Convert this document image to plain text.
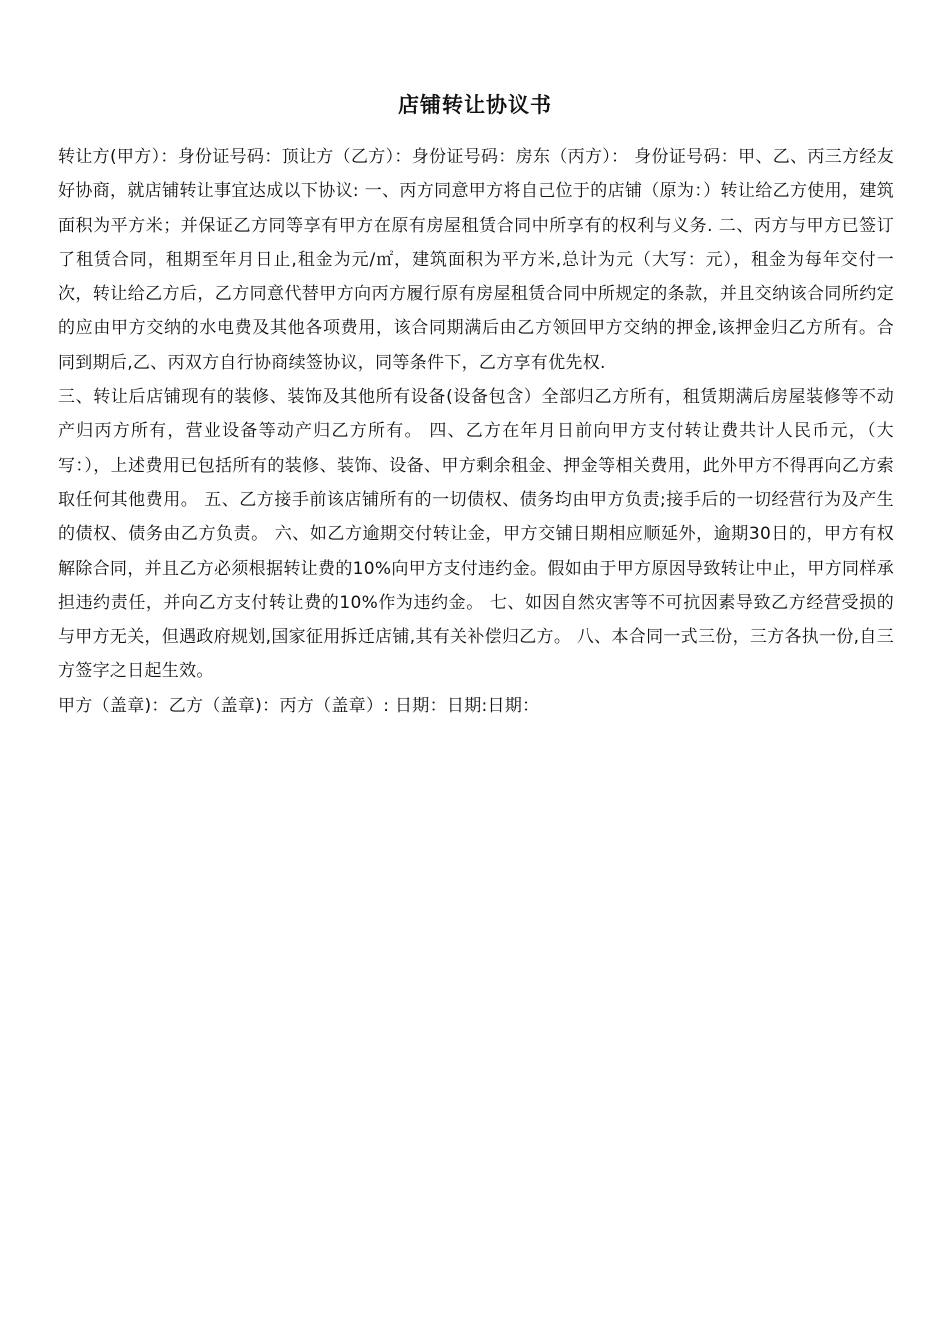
店铺转让协议书

转让方(甲方）：身份证号码：顶让方（乙方）：身份证号码：房东（丙方）： 身份证号码：甲、乙、丙三方经友好协商，就店铺转让事宜达成以下协议: 一、丙方同意甲方将自己位于的店铺（原为：）转让给乙方使用，建筑面积为平方米；并保证乙方同等享有甲方在原有房屋租赁合同中所享有的权利与义务. 二、丙方与甲方已签订了租赁合同，租期至年月日止,租金为元/㎡，建筑面积为平方米,总计为元（大写：元），租金为每年交付一次，转让给乙方后，乙方同意代替甲方向丙方履行原有房屋租赁合同中所规定的条款，并且交纳该合同所约定的应由甲方交纳的水电费及其他各项费用，该合同期满后由乙方领回甲方交纳的押金,该押金归乙方所有。合同到期后,乙、丙双方自行协商续签协议，同等条件下，乙方享有优先权.

三、转让后店铺现有的装修、装饰及其他所有设备(设备包含）全部归乙方所有，租赁期满后房屋装修等不动产归丙方所有，营业设备等动产归乙方所有。 四、乙方在年月日前向甲方支付转让费共计人民币元，（大写：），上述费用已包括所有的装修、装饰、设备、甲方剩余租金、押金等相关费用，此外甲方不得再向乙方索取任何其他费用。 五、乙方接手前该店铺所有的一切债权、债务均由甲方负责;接手后的一切经营行为及产生的债权、债务由乙方负责。 六、如乙方逾期交付转让金，甲方交铺日期相应顺延外，逾期30日的，甲方有权解除合同，并且乙方必须根据转让费的10%向甲方支付违约金。假如由于甲方原因导致转让中止，甲方同样承担违约责任，并向乙方支付转让费的10%作为违约金。 七、如因自然灾害等不可抗因素导致乙方经营受损的与甲方无关，但遇政府规划,国家征用拆迁店铺,其有关补偿归乙方。 八、本合同一式三份，三方各执一份,自三方签字之日起生效。

甲方（盖章)：乙方（盖章)：丙方（盖章）: 日期：日期:日期：
